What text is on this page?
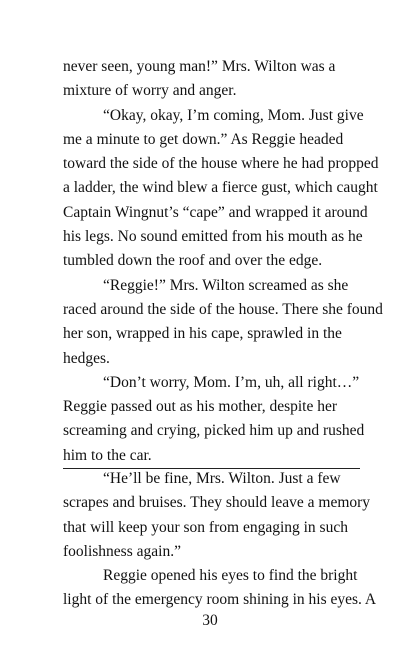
never seen, young man!” Mrs. Wilton was a
mixture of worry and anger.
“Okay, okay, I’m coming, Mom. Just give
me a minute to get down.” As Reggie headed
toward the side of the house where he had propped
a ladder, the wind blew a fierce gust, which caught
Captain Wingnut’s “cape” and wrapped it around
his legs. No sound emitted from his mouth as he
tumbled down the roof and over the edge.
“Reggie!” Mrs. Wilton screamed as she
raced around the side of the house. There she found
her son, wrapped in his cape, sprawled in the
hedges.
“Don’t worry, Mom. I’m, uh, all right…”
Reggie passed out as his mother, despite her
screaming and crying, picked him up and rushed
him to the car.
“He’ll be fine, Mrs. Wilton. Just a few
scrapes and bruises. They should leave a memory
that will keep your son from engaging in such
foolishness again.”
Reggie opened his eyes to find the bright
light of the emergency room shining in his eyes. A
30
